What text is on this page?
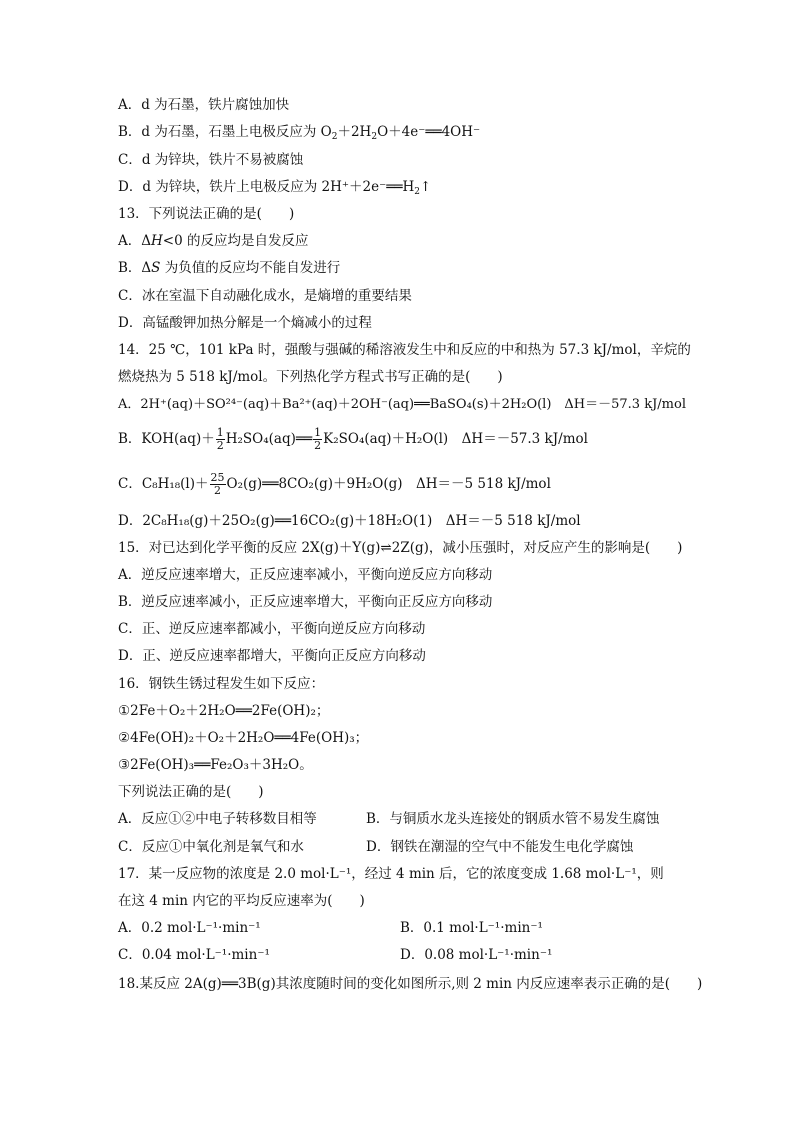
A．d 为石墨，铁片腐蚀加快
B．d 为石墨，石墨上电极反应为 $O_2+2H_2O+4e^-══4OH^-$
C．d 为锌块，铁片不易被腐蚀
D．d 为锌块，铁片上电极反应为 $2H^++2e^-══H_2↑$
13．下列说法正确的是(　　)
A．ΔH<0 的反应均是自发反应
B．ΔS 为负值的反应均不能自发进行
C．冰在室温下自动融化成水，是熵增的重要结果
D．高锰酸钾加热分解是一个熵减小的过程
14．25 ℃，101 kPa 时，强酸与强碱的稀溶液发生中和反应的中和热为 57.3 kJ/mol，辛烷的
燃烧热为 5 518 kJ/mol。下列热化学方程式书写正确的是(　　)
A．2H⁺(aq)＋SO²⁴⁻(aq)＋Ba²⁺(aq)＋2OH⁻(aq)══BaSO₄(s)＋2H₂O(l)　ΔH＝－57.3 kJ/mol
B．$KOH(aq)+ \frac{1}{2}$ H₂SO₄(aq)══ $\frac{1}{2} K_2SO_4(aq)+H_2O(l)$　ΔH＝－57.3 kJ/mol
C．$C_8H_{18}(l)+ \frac{25}{2}$ O₂(g)══8CO₂(g)＋9H₂O(g)　ΔH＝－5 518 kJ/mol
D．2C₈H₁₈(g)＋25O₂(g)══16CO₂(g)＋18H₂O(1)　ΔH＝－5 518 kJ/mol
15．对已达到化学平衡的反应 2X(g)＋Y(g)⇌2Z(g)，减小压强时，对反应产生的影响是(　　)
A．逆反应速率增大，正反应速率减小，平衡向逆反应方向移动
B．逆反应速率减小，正反应速率增大，平衡向正反应方向移动
C．正、逆反应速率都减小，平衡向逆反应方向移动
D．正、逆反应速率都增大，平衡向正反应方向移动
16．钢铁生锈过程发生如下反应：
①2Fe＋O₂＋2H₂O══2Fe(OH)₂；
②4Fe(OH)₂＋O₂＋2H₂O══4Fe(OH)₃；
③2Fe(OH)₃══Fe₂O₃＋3H₂O。
下列说法正确的是(　　)
A．反应①②中电子转移数目相等	B．与铜质水龙头连接处的钢质水管不易发生腐蚀
C．反应①中氧化剂是氧气和水	D．钢铁在潮湿的空气中不能发生电化学腐蚀
17．某一反应物的浓度是 2.0 mol·L⁻¹，经过 4 min 后，它的浓度变成 1.68 mol·L⁻¹，则
在这 4 min 内它的平均反应速率为(　　)
A．0.2 mol·L⁻¹·min⁻¹	B．0.1 mol·L⁻¹·min⁻¹
C．0.04 mol·L⁻¹·min⁻¹	D．0.08 mol·L⁻¹·min⁻¹
18.某反应 2A(g)══3B(g)其浓度随时间的变化如图所示,则 2 min 内反应速率表示正确的是(　　)
